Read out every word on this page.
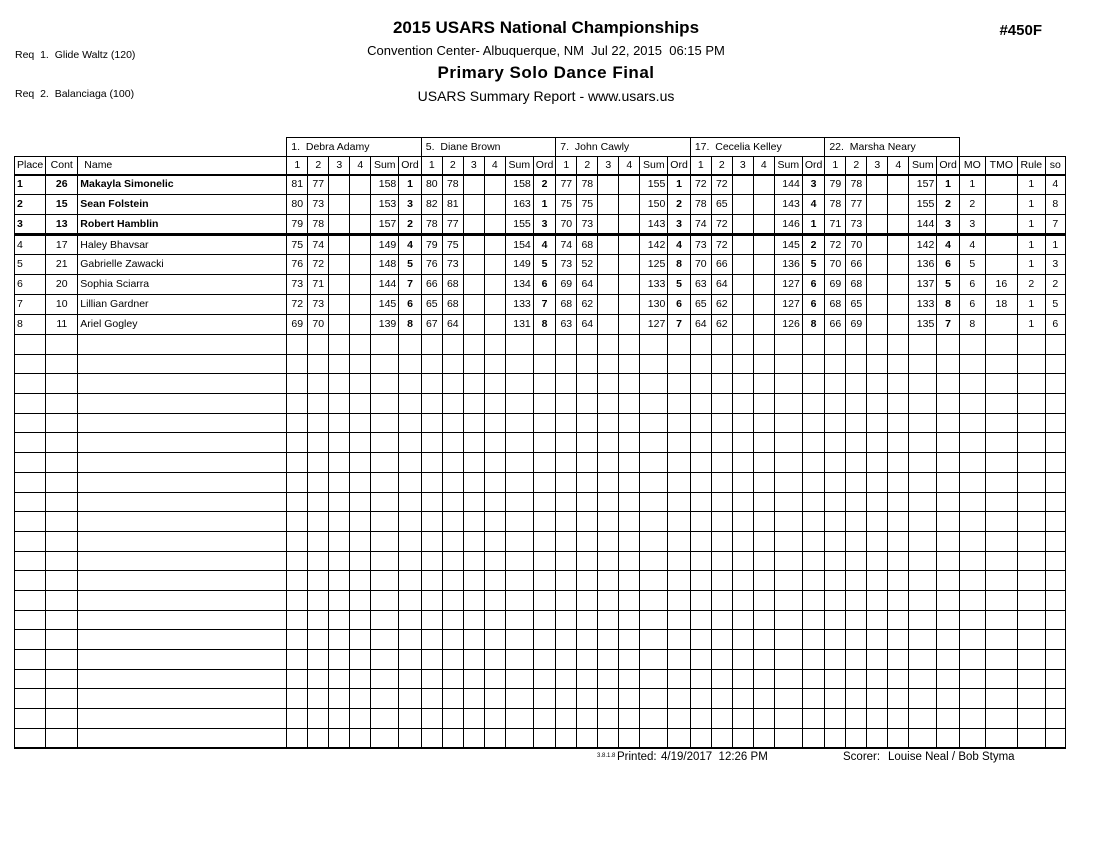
Req  1.  Glide Waltz (120)

Req  2.  Balanciaga (100)

#450F
2015 USARS National Championships
Convention Center- Albuquerque, NM  Jul 22, 2015  06:15 PM
Primary Solo Dance Final
USARS Summary Report - www.usars.us
			1.  Debra Adamy						5.  Diane Brown						7.  John Cawly						17.  Cecelia Kelley						22.  Marsha Neary									
Place	Cont	Name	1	2	3	4	Sum	Ord	1	2	3	4	Sum	Ord	1	2	3	4	Sum	Ord	1	2	3	4	Sum	Ord	1	2	3	4	Sum	Ord	MO	TMO	Rule	so
1	26	Makayla Simonelic	81	77			158	1	80	78			158	2	77	78			155	1	72	72			144	3	79	78			157	1	1		1	4
2	15	Sean Folstein	80	73			153	3	82	81			163	1	75	75			150	2	78	65			143	4	78	77			155	2	2		1	8
3	13	Robert Hamblin	79	78			157	2	78	77			155	3	70	73			143	3	74	72			146	1	71	73			144	3	3		1	7
4	17	Haley Bhavsar	75	74			149	4	79	75			154	4	74	68			142	4	73	72			145	2	72	70			142	4	4		1	1
5	21	Gabrielle Zawacki	76	72			148	5	76	73			149	5	73	52			125	8	70	66			136	5	70	66			136	6	5		1	3
6	20	Sophia Sciarra	73	71			144	7	66	68			134	6	69	64			133	5	63	64			127	6	69	68			137	5	6	16	2	2
7	10	Lillian Gardner	72	73			145	6	65	68			133	7	68	62			130	6	65	62			127	6	68	65			133	8	6	18	1	5
8	11	Ariel Gogley	69	70			139	8	67	64			131	8	63	64			127	7	64	62			126	8	66	69			135	7	8		1	6

3.8.1.8 Printed: 4/19/2017  12:26 PM	Scorer: Louise Neal / Bob Styma
